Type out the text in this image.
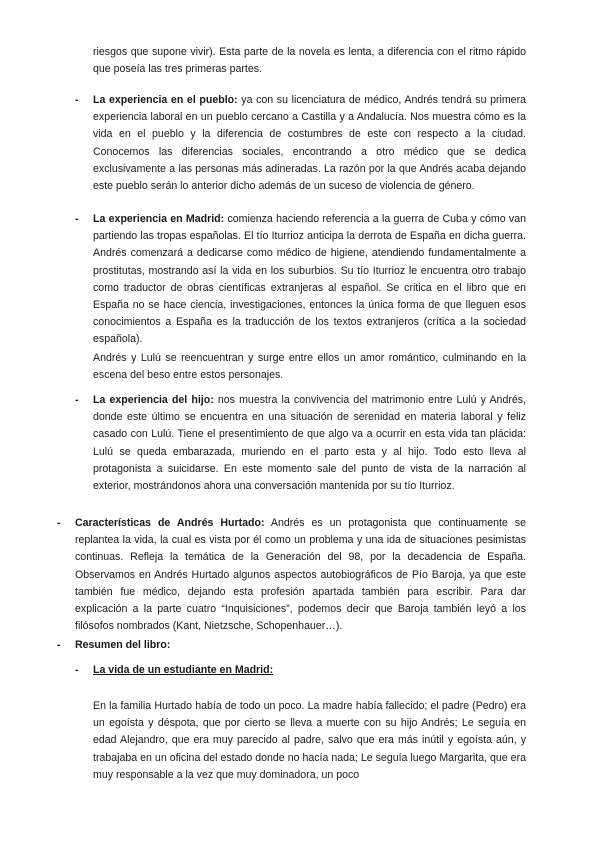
riesgos que supone vivir). Esta parte de la novela es lenta, a diferencia con el ritmo rápido que poseía las tres primeras partes.

- La experiencia en el pueblo: ya con su licenciatura de médico, Andrés tendrá su primera experiencia laboral en un pueblo cercano a Castilla y a Andalucía. Nos muestra cómo es la vida en el pueblo y la diferencia de costumbres de este con respecto a la ciudad. Conocemos las diferencias sociales, encontrando a otro médico que se dedica exclusivamente a las personas más adineradas. La razón por la que Andrés acaba dejando este pueblo serán lo anterior dicho además de un suceso de violencia de género.

- La experiencia en Madrid: comienza haciendo referencia a la guerra de Cuba y cómo van partiendo las tropas españolas. El tío Iturrioz anticipa la derrota de España en dicha guerra. Andrés comenzará a dedicarse como médico de higiene, atendiendo fundamentalmente a prostitutas, mostrando así la vida en los suburbios. Su tío Iturrioz le encuentra otro trabajo como traductor de obras científicas extranjeras al español. Se critica en el libro que en España no se hace ciencia, investigaciones, entonces la única forma de que lleguen esos conocimientos a España es la traducción de los textos extranjeros (crítica a la sociedad española).

Andrés y Lulú se reencuentran y surge entre ellos un amor romántico, culminando en la escena del beso entre estos personajes.

- La experiencia del hijo: nos muestra la convivencia del matrimonio entre Lulú y Andrés, donde este último se encuentra en una situación de serenidad en materia laboral y feliz casado con Lulú. Tiene el presentimiento de que algo va a ocurrir en esta vida tan plácida: Lulú se queda embarazada, muriendo en el parto esta y al hijo. Todo esto lleva al protagonista a suicidarse. En este momento sale del punto de vista de la narración al exterior, mostrándonos ahora una conversación mantenida por su tío Iturrioz.

- Características de Andrés Hurtado: Andrés es un protagonista que continuamente se replantea la vida, la cual es vista por él como un problema y una ida de situaciones pesimistas continuas. Refleja la temática de la Generación del 98, por la decadencia de España. Observamos en Andrés Hurtado algunos aspectos autobiográficos de Pío Baroja, ya que este también fue médico, dejando esta profesión apartada también para escribir. Para dar explicación a la parte cuatro “Inquisiciones”, podemos decir que Baroja también leyó a los filósofos nombrados (Kant, Nietzsche, Schopenhauer…).

- Resumen del libro:

- La vida de un estudiante en Madrid:

En la familia Hurtado había de todo un poco. La madre había fallecido; el padre (Pedro) era un egoísta y déspota, que por cierto se lleva a muerte con su hijo Andrés; Le seguía en edad Alejandro, que era muy parecido al padre, salvo que era más inútil y egoísta aún, y trabajaba en un oficina del estado donde no hacía nada; Le seguía luego Margarita, que era muy responsable a la vez que muy dominadora, un poco
